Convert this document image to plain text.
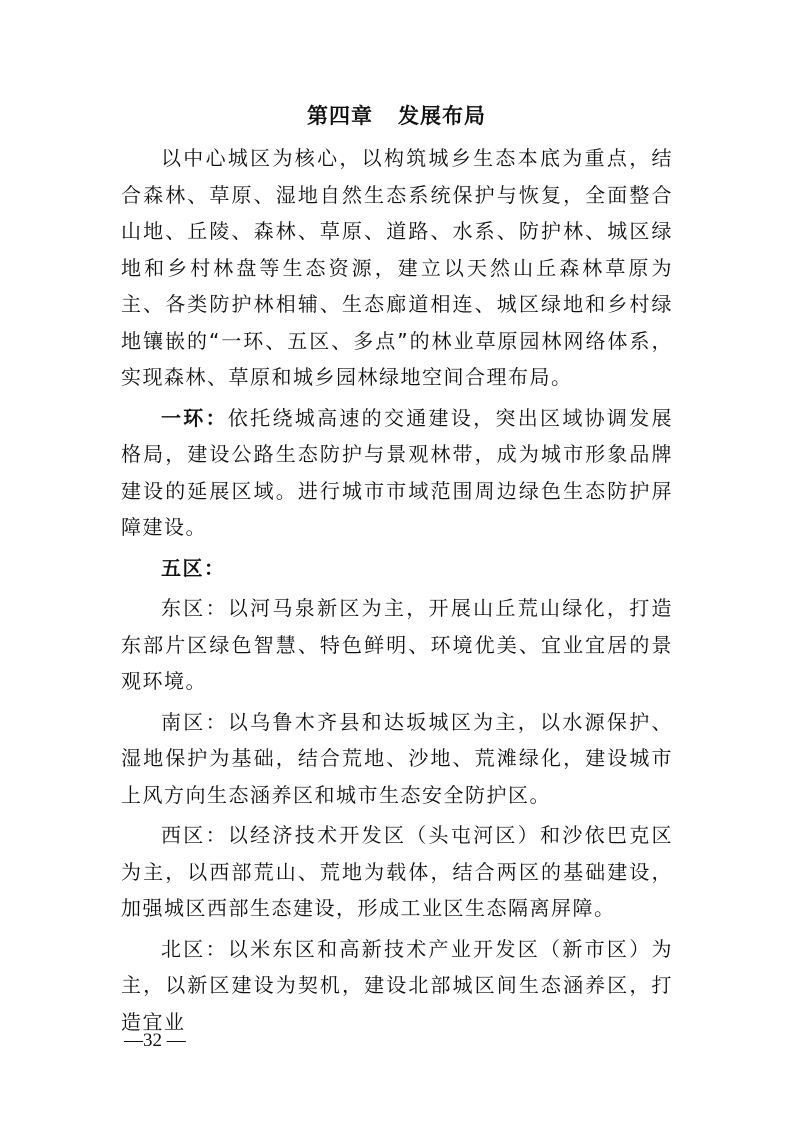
第四章   发展布局

以中心城区为核心，以构筑城乡生态本底为重点，结合森林、草原、湿地自然生态系统保护与恢复，全面整合山地、丘陵、森林、草原、道路、水系、防护林、城区绿地和乡村林盘等生态资源，建立以天然山丘森林草原为主、各类防护林相辅、生态廊道相连、城区绿地和乡村绿地镶嵌的“一环、五区、多点”的林业草原园林网络体系，实现森林、草原和城乡园林绿地空间合理布局。

一环：依托绕城高速的交通建设，突出区域协调发展格局，建设公路生态防护与景观林带，成为城市形象品牌建设的延展区域。进行城市市域范围周边绿色生态防护屏障建设。

五区：

东区：以河马泉新区为主，开展山丘荒山绿化，打造东部片区绿色智慧、特色鲜明、环境优美、宜业宜居的景观环境。

南区：以乌鲁木齐县和达坂城区为主，以水源保护、湿地保护为基础，结合荒地、沙地、荒滩绿化，建设城市上风方向生态涵养区和城市生态安全防护区。

西区：以经济技术开发区（头屯河区）和沙依巴克区为主，以西部荒山、荒地为载体，结合两区的基础建设，加强城区西部生态建设，形成工业区生态隔离屏障。

北区：以米东区和高新技术产业开发区（新市区）为主，以新区建设为契机，建设北部城区间生态涵养区，打造宜业

—32 —
